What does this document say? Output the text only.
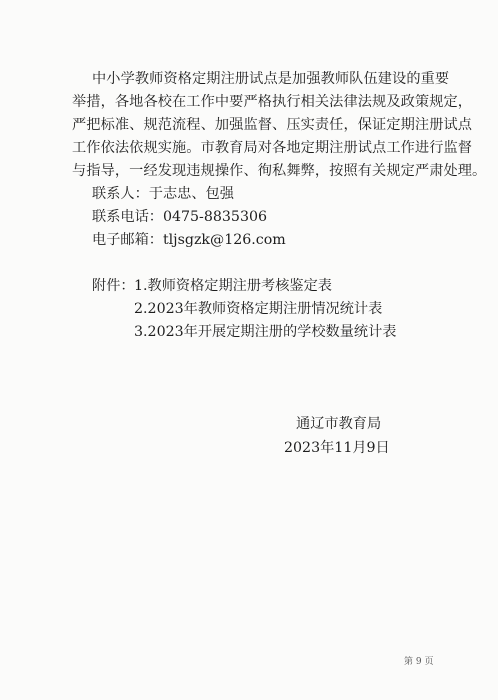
中小学教师资格定期注册试点是加强教师队伍建设的重要
举措，各地各校在工作中要严格执行相关法律法规及政策规定，
严把标准、规范流程、加强监督、压实责任，保证定期注册试点
工作依法依规实施。市教育局对各地定期注册试点工作进行监督
与指导，一经发现违规操作、徇私舞弊，按照有关规定严肃处理。
联系人：于志忠、包强
联系电话：0475-8835306
电子邮箱：tljsgzk@126.com
附件： 1.教师资格定期注册考核鉴定表
2.2023年教师资格定期注册情况统计表
3.2023年开展定期注册的学校数量统计表
通辽市教育局
2023年11月9日
第 9 页
